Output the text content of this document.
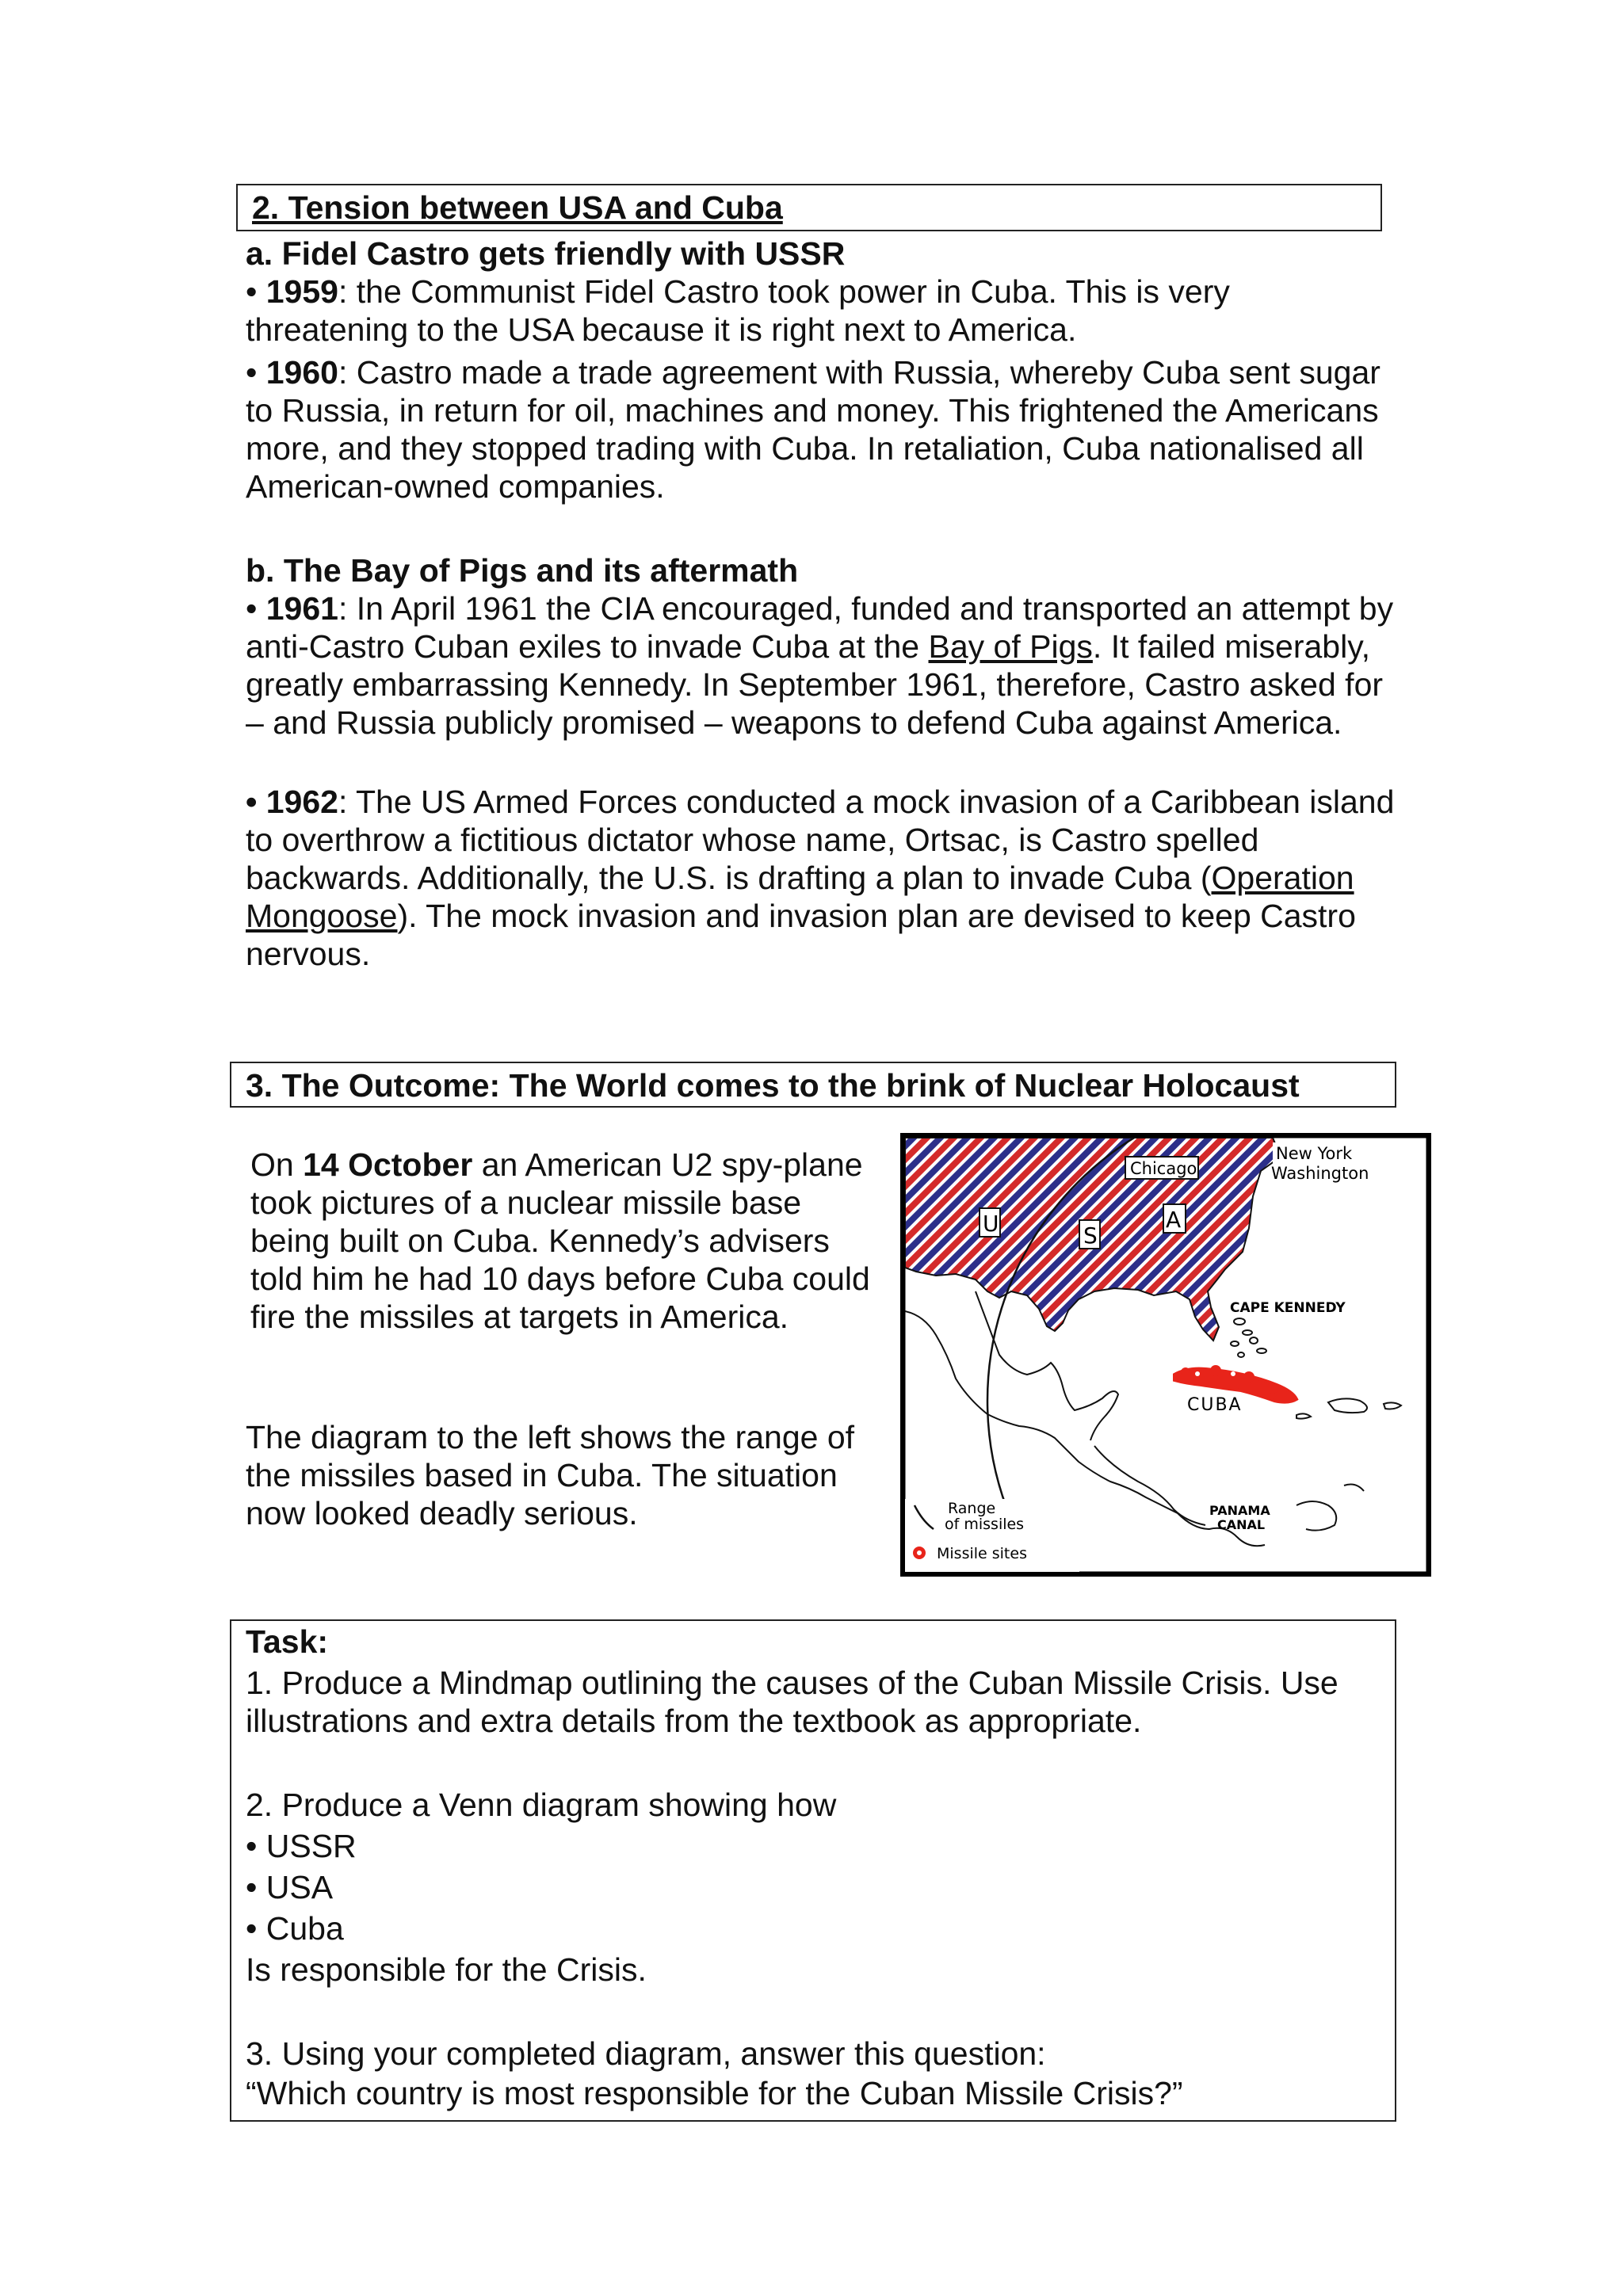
2. Tension between USA and Cuba
a. Fidel Castro gets friendly with USSR

• 1959: the Communist Fidel Castro took power in Cuba. This is very threatening to the USA because it is right next to America.

• 1960: Castro made a trade agreement with Russia, whereby Cuba sent sugar to Russia, in return for oil, machines and money. This frightened the Americans more, and they stopped trading with Cuba. In retaliation, Cuba nationalised all American-owned companies.

b. The Bay of Pigs and its aftermath

• 1961: In April 1961 the CIA encouraged, funded and transported an attempt by anti-Castro Cuban exiles to invade Cuba at the Bay of Pigs. It failed miserably, greatly embarrassing Kennedy. In September 1961, therefore, Castro asked for – and Russia publicly promised – weapons to defend Cuba against America.

• 1962: The US Armed Forces conducted a mock invasion of a Caribbean island to overthrow a fictitious dictator whose name, Ortsac, is Castro spelled backwards. Additionally, the U.S. is drafting a plan to invade Cuba (Operation Mongoose). The mock invasion and invasion plan are devised to keep Castro nervous.

3. The Outcome: The World comes to the brink of Nuclear Holocaust

On 14 October an American U2 spy-plane took pictures of a nuclear missile base being built on Cuba. Kennedy’s advisers told him he had 10 days before Cuba could fire the missiles at targets in America.

The diagram to the left shows the range of the missiles based in Cuba. The situation now looked deadly serious.
Chicago
New York
Washington
U	S
A
CAPE KENNEDY
CUBA
PANAMA
CANAL
Range
of missiles
Missile sites
Task:
1. Produce a Mindmap outlining the causes of the Cuban Missile Crisis. Use illustrations and extra details from the textbook as appropriate.
2. Produce a Venn diagram showing how
• USSR
• USA
• Cuba
Is responsible for the Crisis.
3. Using your completed diagram, answer this question:
“Which country is most responsible for the Cuban Missile Crisis?”
